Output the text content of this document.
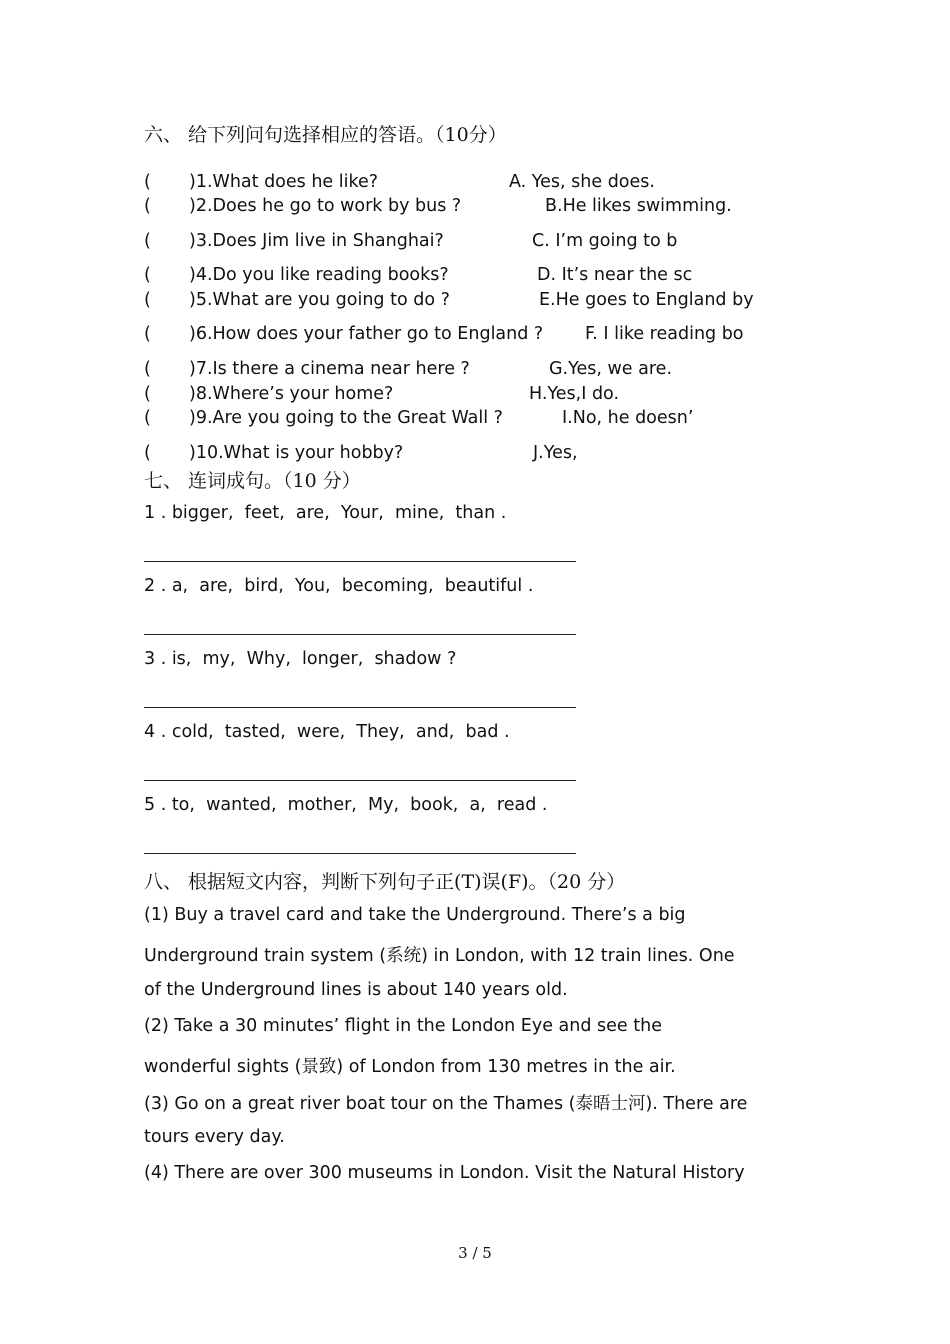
六、 给下列问句选择相应的答语。（10分）
( )1.What does he like?	A. Yes, she does.
( )2.Does he go to work by bus ?	B.He likes swimming.
( )3.Does Jim live in Shanghai?	C. I’m going to b
( )4.Do you like reading books?	D. It’s near the sc
( )5.What are you going to do ?	E.He goes to England by
( )6.How does your father go to England ? F. I like reading bo
( )7.Is there a cinema near here ?	G.Yes, we are.
( )8.Where’s your home?	H.Yes,I do.
( )9.Are you going to the Great Wall ?	I.No, he doesn’
( )10.What is your hobby?	J.Yes,
七、 连词成句。（10 分）
1 . bigger,  feet,  are,  Your,  mine,  than .
2 . a,  are,  bird,  You,  becoming,  beautiful .
3 . is,  my,  Why,  longer,  shadow ?
4 . cold,  tasted,  were,  They,  and,  bad .
5 . to,  wanted,  mother,  My,  book,  a,  read .
八、 根据短文内容，判断下列句子正(T)误(F)。（20 分）
(1) Buy a travel card and take the Underground. There’s a big
Underground train system (系统) in London, with 12 train lines. One
of the Underground lines is about 140 years old.
(2) Take a 30 minutes’ flight in the London Eye and see the
wonderful sights (景致) of London from 130 metres in the air.
(3) Go on a great river boat tour on the Thames (泰晤士河). There are
tours every day.
(4) There are over 300 museums in London. Visit the Natural History
3 / 5
